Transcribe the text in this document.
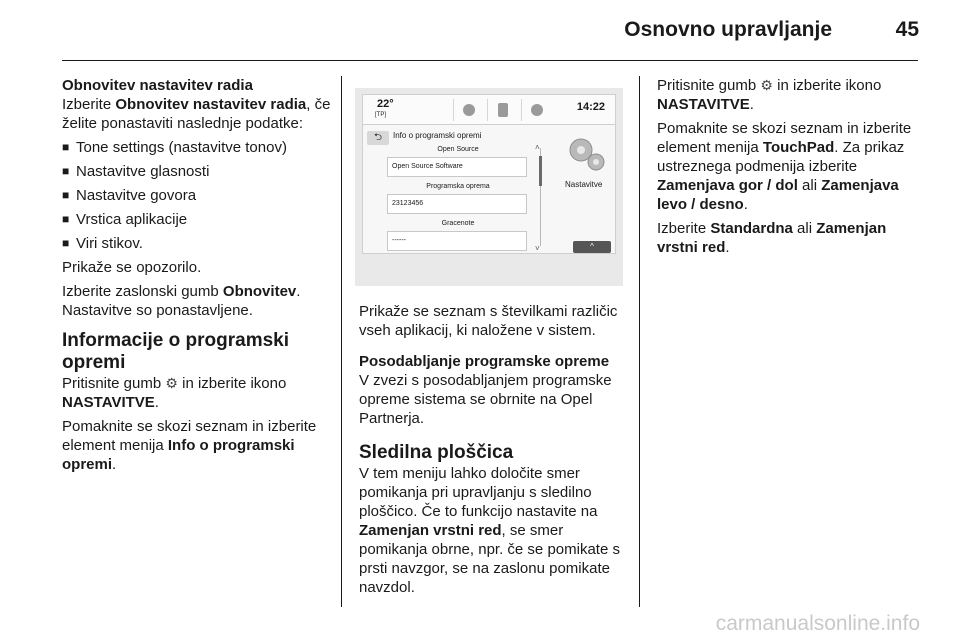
Osnovno upravljanje	45
Obnovitev nastavitev radia
Izberite Obnovitev nastavitev radia, če želite ponastaviti naslednje podatke:
■ Tone settings (nastavitve tonov)
■ Nastavitve glasnosti
■ Nastavitve govora
■ Vrstica aplikacije
■ Viri stikov.
Prikaže se opozorilo.
Izberite zaslonski gumb Obnovitev. Nastavitve so ponastavljene.
Informacije o programski opremi
Pritisnite gumb ⚙ in izberite ikono NASTAVITVE.
Pomaknite se skozi seznam in izberite element menija Info o programski opremi.
22°
[TP]
14:22
⮌	Info o programski opremi
Open Source
Open Source Software
Programska oprema
23123456
Gracenote
------
˄
˅
Nastavitve
^
Prikaže se seznam s številkami različic vseh aplikacij, ki naložene v sistem.
Posodabljanje programske opreme
V zvezi s posodabljanjem programske opreme sistema se obrnite na Opel Partnerja.
Sledilna ploščica
V tem meniju lahko določite smer pomikanja pri upravljanju s sledilno ploščico. Če to funkcijo nastavite na Zamenjan vrstni red, se smer pomikanja obrne, npr. če se pomikate s prsti navzgor, se na zaslonu pomikate navzdol.
Pritisnite gumb ⚙ in izberite ikono NASTAVITVE.
Pomaknite se skozi seznam in izberite element menija TouchPad. Za prikaz ustreznega podmenija izberite Zamenjava gor / dol ali Zamenjava levo / desno.
Izberite Standardna ali Zamenjan vrstni red.
carmanualsonline.info
